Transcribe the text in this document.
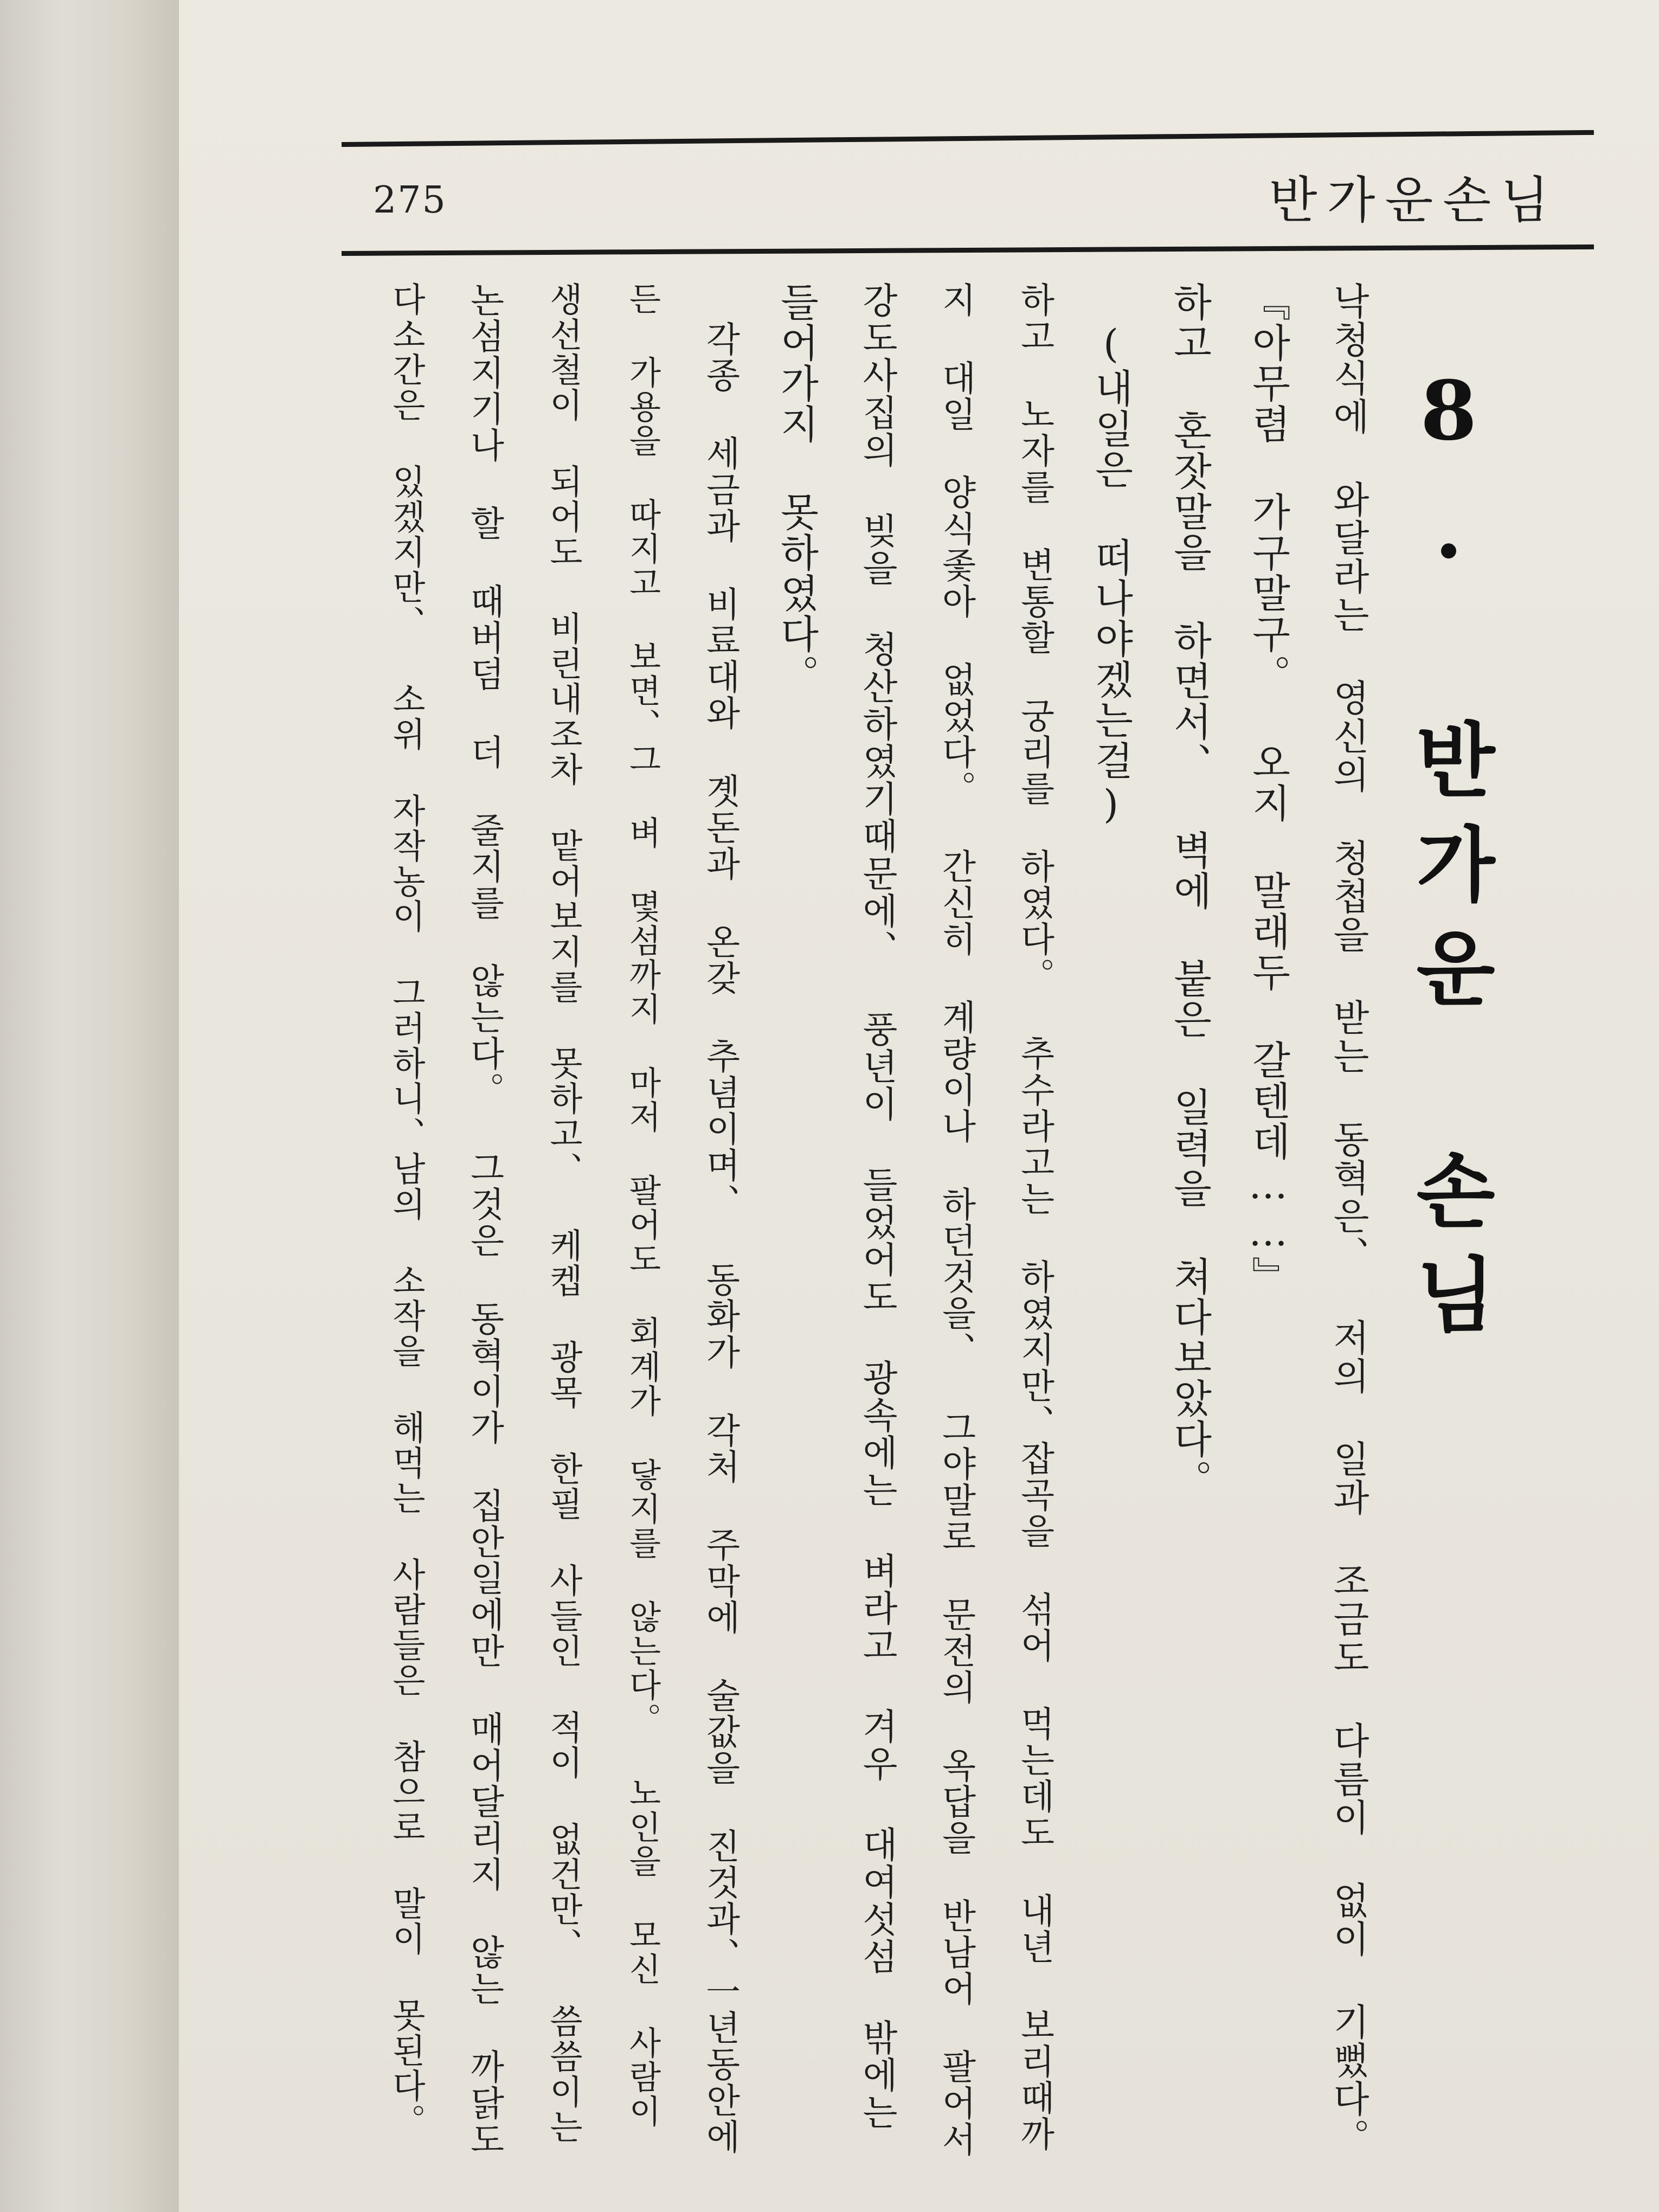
275	반가운손님
8. 반가운 손님
낙청식에 와달라는 영신의 청첩을 받는 동혁은、 저의 일과 조금도 다름이 없이 기뻤다。
『아무렴 가구말구。 오지 말래두 갈텐데……』
하고 혼잣말을 하면서、 벽에 붙은 일력을 쳐다보았다。
(내일은 떠나야겠는걸)
하고 노자를 변통할 궁리를 하였다。 추수라고는 하였지만、잡곡을 섞어 먹는데도 내년 보리때까
지 대일 양식좇아 없었다。 간신히 계량이나 하던것을、 그야말로 문전의 옥답을 반남어 팔어서
강도사집의 빚을 청산하였기때문에、 풍년이 들었어도 광속에는 벼라고 겨우 대여섯섬 밖에는
들어가지 못하였다。
각종 세금과 비료대와 곗돈과 온갖 추념이며、 동화가 각처 주막에 술값을 진것과、一년동안에
든 가용을 따지고 보면、그 벼 몇섬까지 마저 팔어도 회계가 닿지를 않는다。 노인을 모신 사람이
생선철이 되어도 비린내조차 맡어보지를 못하고、 케켑 광목 한필 사들인 적이 없건만、 씀씀이는
논섬지기나 할 때버덤 더 줄지를 않는다。 그것은 동혁이가 집안일에만 매어달리지 않는 까닭도
다소간은 있겠지만、 소위 자작농이 그러하니、남의 소작을 해먹는 사람들은 참으로 말이 못된다。
